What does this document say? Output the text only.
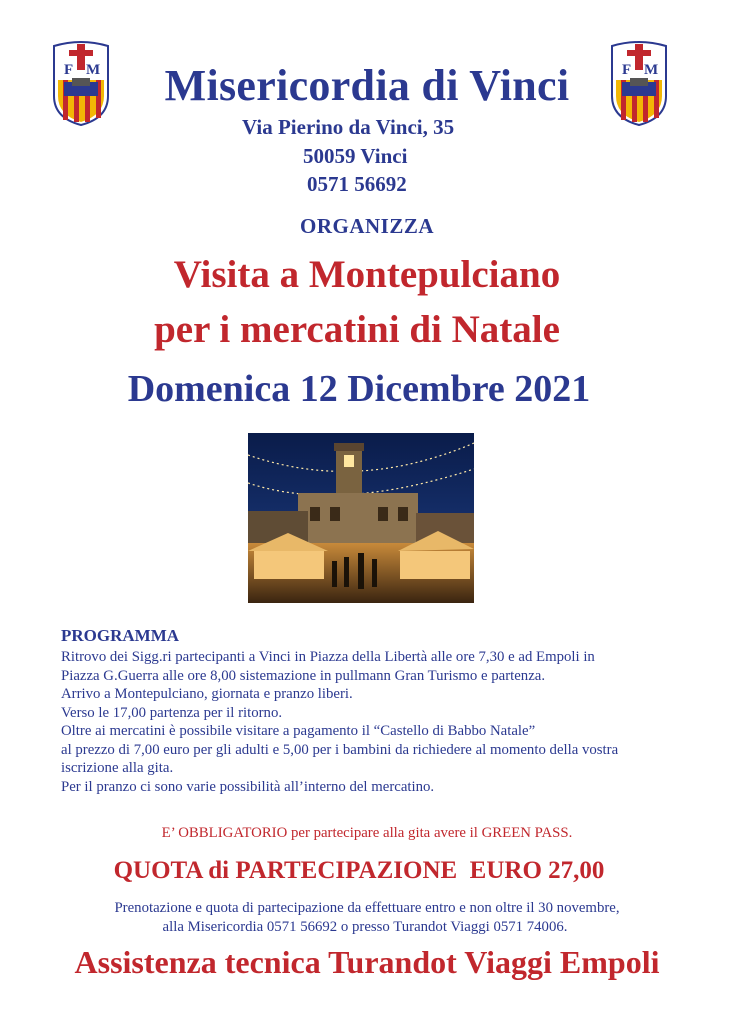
F M	F M
Misericordia di Vinci
Via Pierino da Vinci, 35
50059 Vinci
0571 56692
ORGANIZZA
Visita a Montepulciano
per i mercatini di Natale
Domenica 12 Dicembre 2021
PROGRAMMA
Ritrovo dei Sigg.ri partecipanti a Vinci in Piazza della Libertà alle ore 7,30 e ad Empoli in
Piazza G.Guerra alle ore 8,00 sistemazione in pullmann Gran Turismo e partenza.
Arrivo a Montepulciano, giornata e pranzo liberi.
Verso le 17,00 partenza per il ritorno.
Oltre ai mercatini è possibile visitare a pagamento il “Castello di Babbo Natale”
al prezzo di 7,00 euro per gli adulti e 5,00 per i bambini da richiedere al momento della vostra
iscrizione alla gita.
Per il pranzo ci sono varie possibilità all’interno del mercatino.
E’ OBBLIGATORIO per partecipare alla gita avere il GREEN PASS.
QUOTA di PARTECIPAZIONE  EURO 27,00
Prenotazione e quota di partecipazione da effettuare entro e non oltre il 30 novembre,
alla Misericordia 0571 56692 o presso Turandot Viaggi 0571 74006.
Assistenza tecnica Turandot Viaggi Empoli
